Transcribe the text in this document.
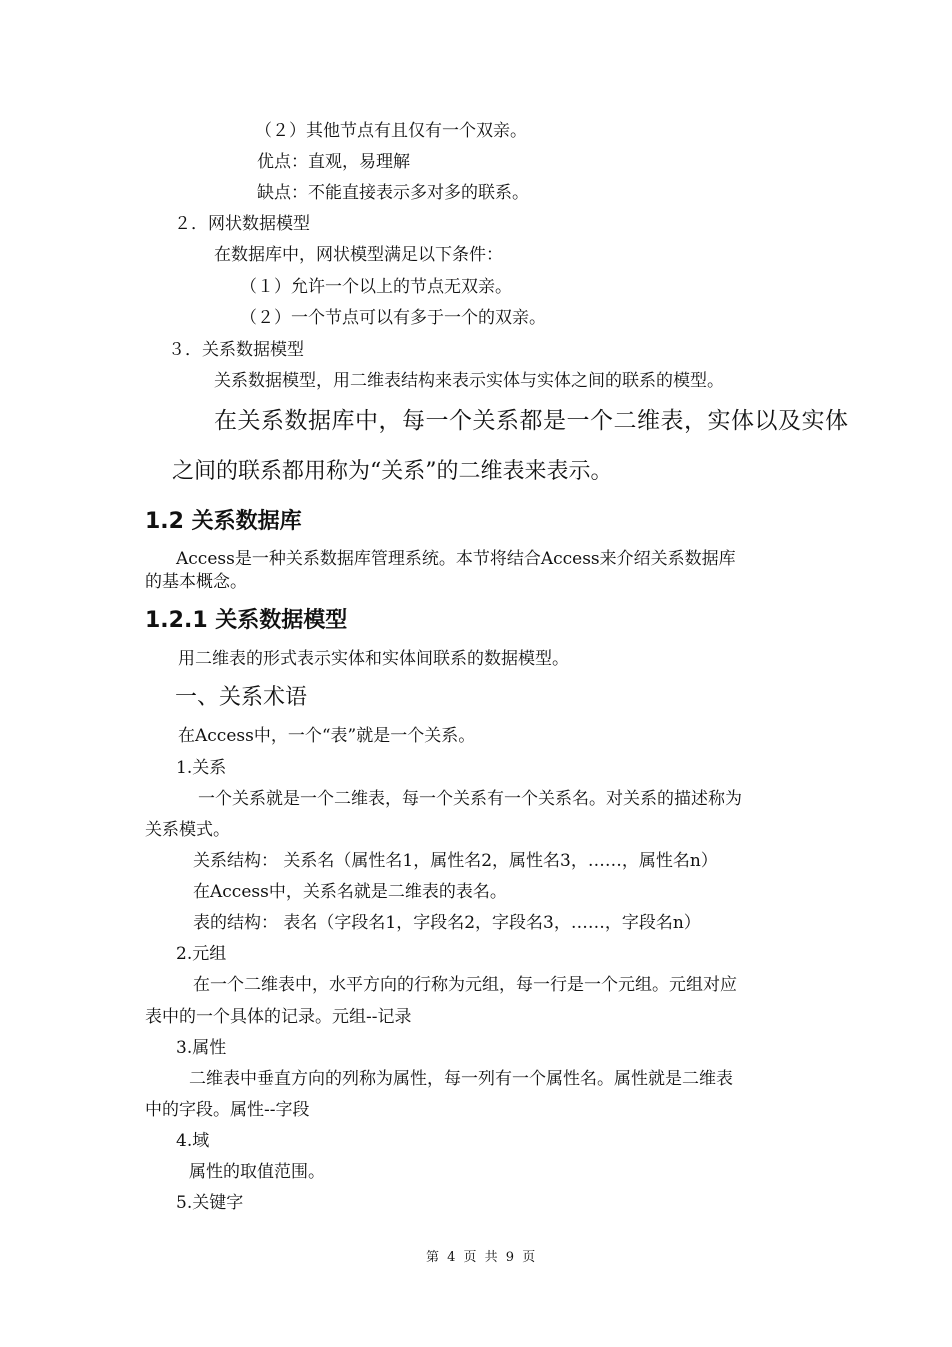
（２）其他节点有且仅有一个双亲。
优点：直观，易理解
缺点：不能直接表示多对多的联系。
２．网状数据模型
在数据库中，网状模型满足以下条件：
（１）允许一个以上的节点无双亲。
（２）一个节点可以有多于一个的双亲。
３．关系数据模型
关系数据模型，用二维表结构来表示实体与实体之间的联系的模型。
在关系数据库中，每一个关系都是一个二维表，实体以及实体
之间的联系都用称为“关系”的二维表来表示。
1.2 关系数据库
Access是一种关系数据库管理系统。本节将结合Access来介绍关系数据库
的基本概念。
1.2.1 关系数据模型
用二维表的形式表示实体和实体间联系的数据模型。
一、关系术语
在Access中，一个“表”就是一个关系。
1.关系
一个关系就是一个二维表，每一个关系有一个关系名。对关系的描述称为
关系模式。
关系结构： 关系名（属性名1，属性名2，属性名3，……，属性名n）
在Access中，关系名就是二维表的表名。
表的结构： 表名（字段名1，字段名2，字段名3，……，字段名n）
2.元组
在一个二维表中，水平方向的行称为元组，每一行是一个元组。元组对应
表中的一个具体的记录。元组--记录
3.属性
二维表中垂直方向的列称为属性，每一列有一个属性名。属性就是二维表
中的字段。属性--字段
4.域
属性的取值范围。
5.关键字
第 4 页 共 9 页
